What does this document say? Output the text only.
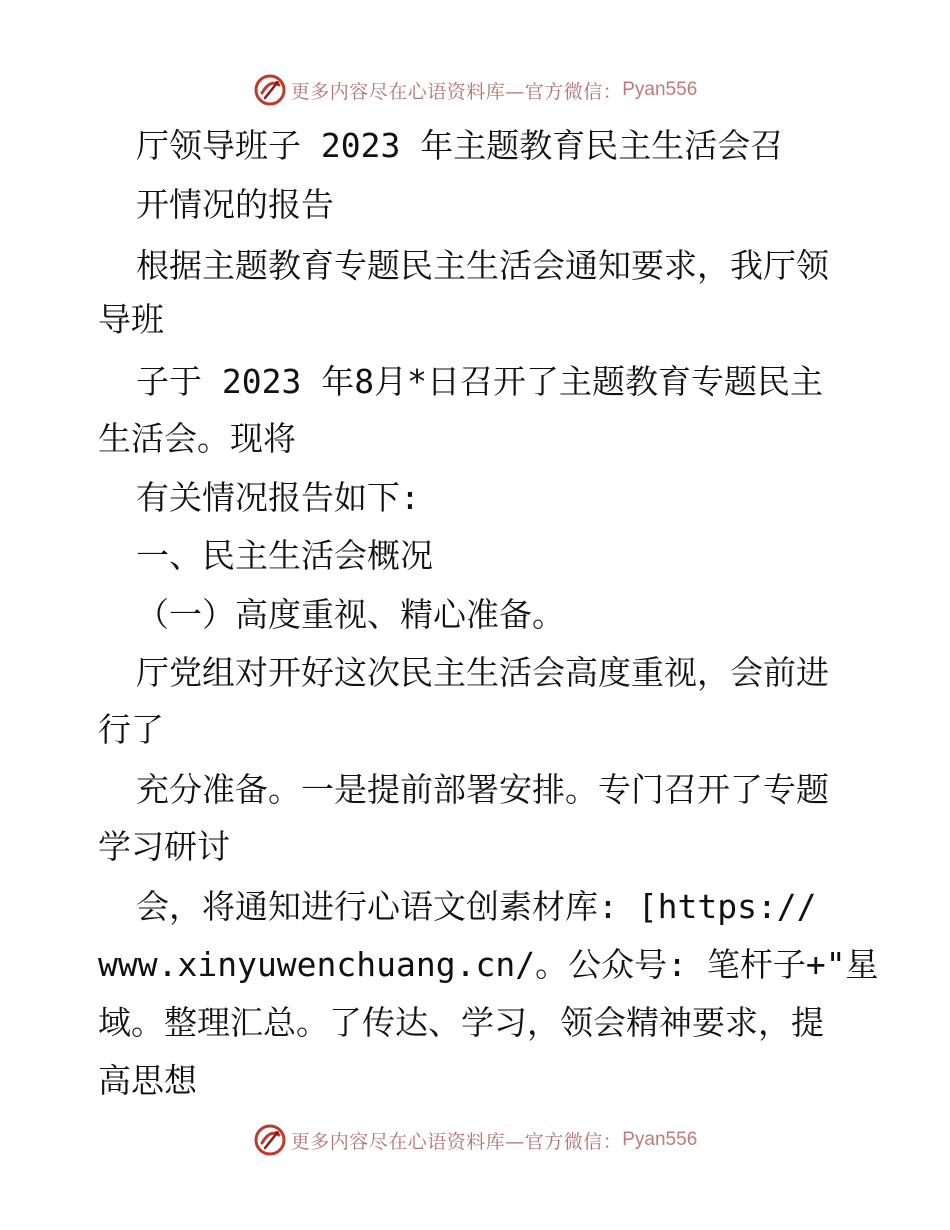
更多内容尽在心语资料库—官方微信： Pyan556
厅领导班子 2023 年主题教育民主生活会召
开情况的报告
根据主题教育专题民主生活会通知要求，我厅领
导班
子于 2023 年8月*日召开了主题教育专题民主
生活会。现将
有关情况报告如下:
一、民主生活会概况
（一）高度重视、精心准备。
厅党组对开好这次民主生活会高度重视，会前进
行了
充分准备。一是提前部署安排。专门召开了专题
学习研讨
会，将通知进行心语文创素材库: [https://
www.xinyuwenchuang.cn/。公众号: 笔杆子+"星
域。整理汇总。了传达、学习，领会精神要求，提
高思想
更多内容尽在心语资料库—官方微信： Pyan556
